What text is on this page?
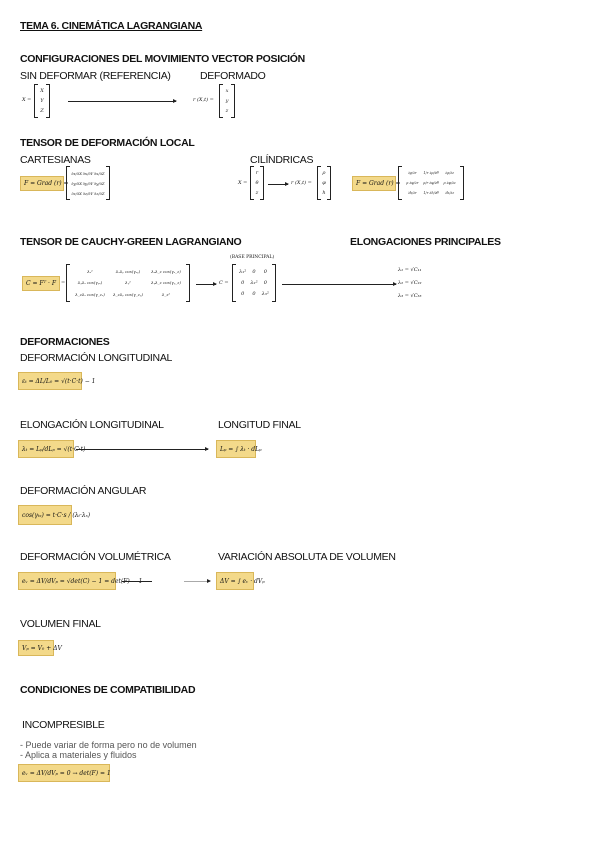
TEMA 6. CINEMÁTICA LAGRANGIANA
CONFIGURACIONES DEL MOVIMIENTO VECTOR POSICIÓN
SIN DEFORMAR (REFERENCIA)	DEFORMADO
X =
X
Y
Z
r (X,t) =
x
y
z
TENSOR DE DEFORMACIÓN LOCAL
CARTESIANAS	CILÍNDRICAS
F = Grad (r) =
∂x/∂X ∂x/∂Y ∂x/∂Z
∂y/∂X ∂y/∂Y ∂y/∂Z
∂z/∂X ∂z/∂Y ∂z/∂Z
X =
r
θ
z
r (X,t) =
ρ
φ
h
F = Grad (r) =
∂ρ/∂r 1/r ∂ρ/∂θ ∂ρ/∂z
ρ ∂φ/∂r ρ/r ∂φ/∂θ ρ ∂φ/∂z
∂h/∂r 1/r ∂h/∂θ ∂h/∂z
TENSOR DE CAUCHY-GREEN LAGRANGIANO	ELONGACIONES PRINCIPALES
C = Fᵀ · F	=
λₓ²	λₓλᵧ cos(γₓᵧ)	λₓλ_z cos(γₓ_z)
λᵧλₓ cos(γᵧₓ)	λᵧ²	λᵧλ_z cos(γᵧ_z)
λ_zλₓ cos(γ_zₓ) λ_zλᵧ cos(γ_zᵧ)	λ_z²
C =
(BASE PRINCIPAL)
λ₁² 0 0
0 λ₂² 0
0 0 λ₃²
λ₁ = √C₁₁
λ₂ = √C₂₂
λ₃ = √C₃₃
DEFORMACIONES
DEFORMACIÓN LONGITUDINAL
εₜ = ΔL/L₀ = √(t·C·t) − 1
ELONGACIÓN LONGITUDINAL	LONGITUD FINAL
λₜ = Lₚ/dLₚ = √(t·C·t)	Lₚ = ∫ λₜ · dLₚ
DEFORMACIÓN ANGULAR
cos(γₜₛ) = t·C·s / (λₜ·λₛ)
DEFORMACIÓN VOLUMÉTRICA	VARIACIÓN ABSOLUTA DE VOLUMEN
eᵥ = ΔV/dVₚ = √det(C) − 1 = det(F) − 1	ΔV = ∫ eᵥ · dVₚ
VOLUMEN FINAL
Vₚ = V₀ + ΔV
CONDICIONES DE COMPATIBILIDAD
INCOMPRESIBLE
- Puede variar de forma pero no de volumen
- Aplica a materiales y fluidos
eᵥ = ΔV/dVₚ = 0 → det(F) = 1
